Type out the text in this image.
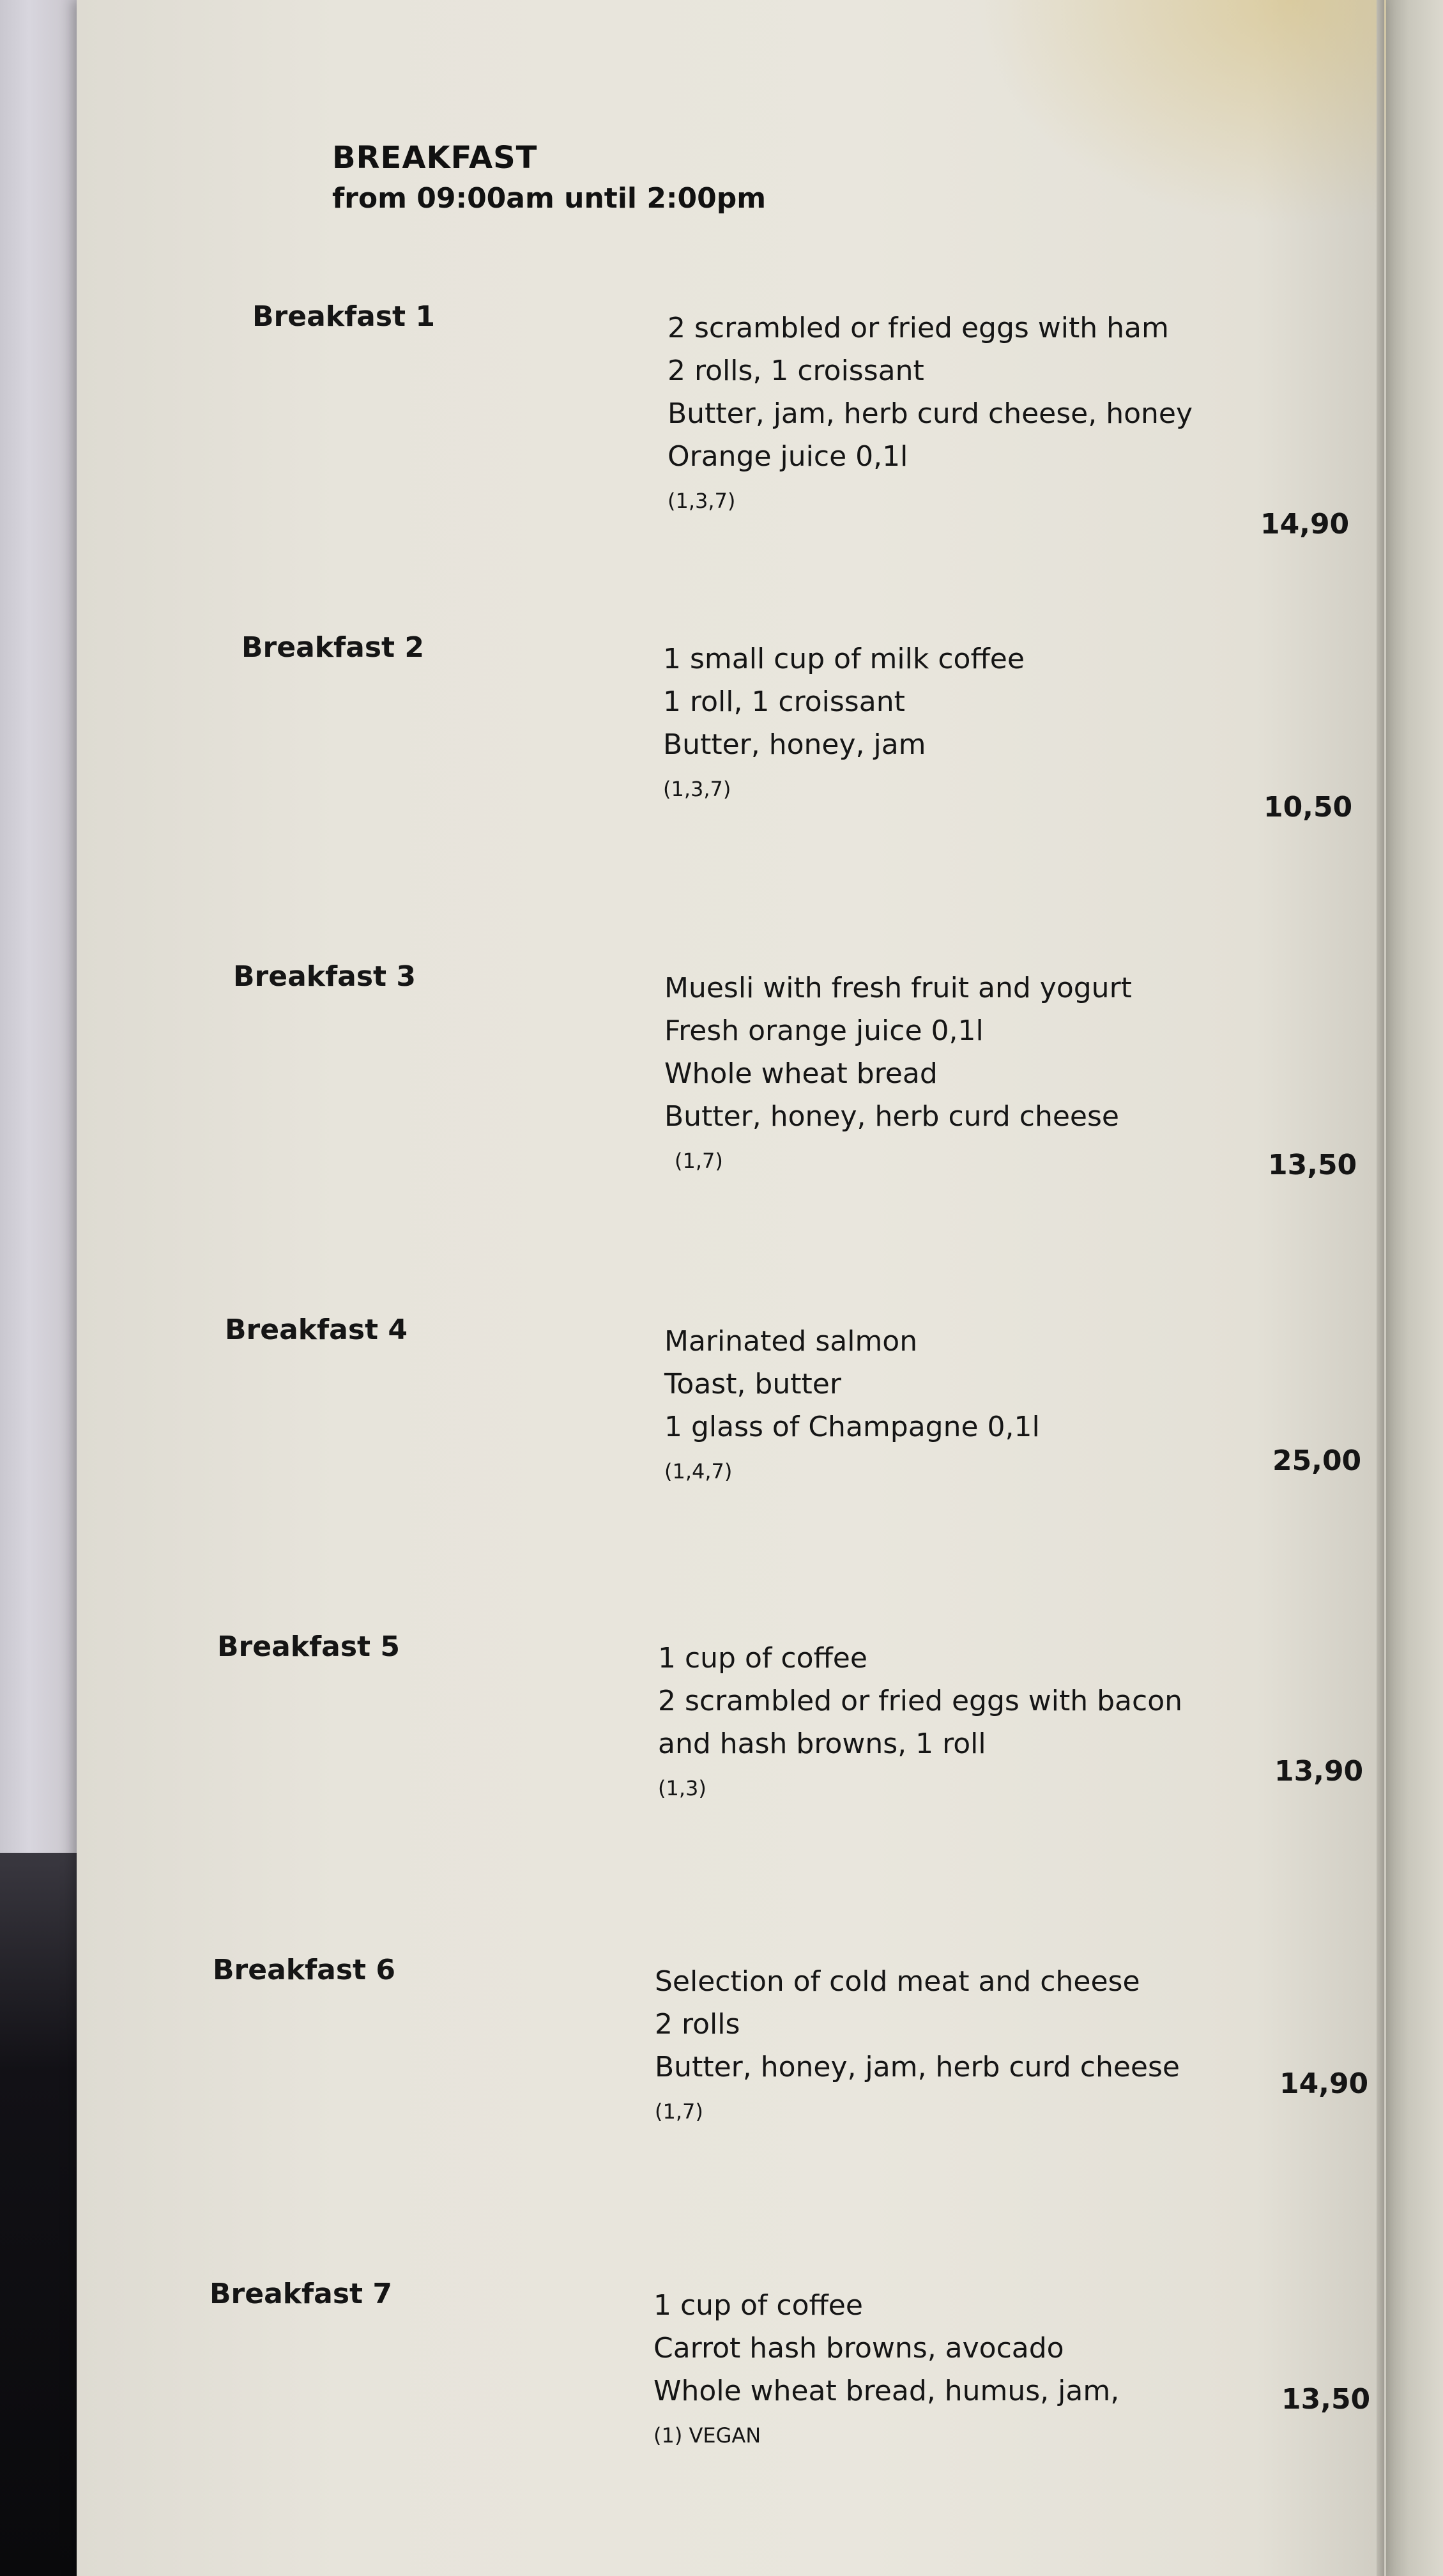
BREAKFAST
from 09:00am until 2:00pm
Breakfast 1	2 scrambled or fried eggs with ham
2 rolls, 1 croissant
Butter, jam, herb curd cheese, honey
Orange juice 0,1l
(1,3,7)
14,90
Breakfast 2	1 small cup of milk coffee
1 roll, 1 croissant
Butter, honey, jam
(1,3,7)
10,50
Breakfast 3	Muesli with fresh fruit and yogurt
Fresh orange juice 0,1l
Whole wheat bread
Butter, honey, herb curd cheese
(1,7)	13,50
Breakfast 4	Marinated salmon
Toast, butter
1 glass of Champagne 0,1l
(1,4,7)	25,00
Breakfast 5	1 cup of coffee
2 scrambled or fried eggs with bacon
and hash browns, 1 roll
(1,3)
13,90
Breakfast 6	Selection of cold meat and cheese
2 rolls
Butter, honey, jam, herb curd cheese
(1,7)
14,90
Breakfast 7	1 cup of coffee
Carrot hash browns, avocado
Whole wheat bread, humus, jam,
(1) VEGAN
13,50
